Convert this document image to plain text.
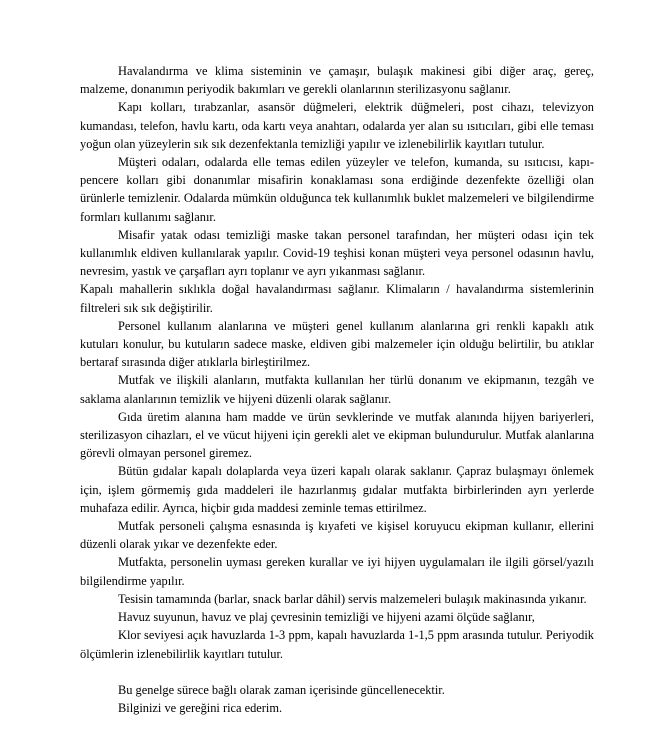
Havalandırma ve klima sisteminin ve çamaşır, bulaşık makinesi gibi diğer araç, gereç, malzeme, donanımın periyodik bakımları ve gerekli olanlarının sterilizasyonu sağlanır.

Kapı kolları, tırabzanlar, asansör düğmeleri, elektrik düğmeleri, post cihazı, televizyon kumandası, telefon, havlu kartı, oda kartı veya anahtarı, odalarda yer alan su ısıtıcıları, gibi elle teması yoğun olan yüzeylerin sık sık dezenfektanla temizliği yapılır ve izlenebilirlik kayıtları tutulur.

Müşteri odaları, odalarda elle temas edilen yüzeyler ve telefon, kumanda, su ısıtıcısı, kapı-pencere kolları gibi donanımlar misafirin konaklaması sona erdiğinde dezenfekte özelliği olan ürünlerle temizlenir. Odalarda mümkün olduğunca tek kullanımlık buklet malzemeleri ve bilgilendirme formları kullanımı sağlanır.

Misafir yatak odası temizliği maske takan personel tarafından, her müşteri odası için tek kullanımlık eldiven kullanılarak yapılır. Covid-19 teşhisi konan müşteri veya personel odasının havlu, nevresim, yastık ve çarşafları ayrı toplanır ve ayrı yıkanması sağlanır.

Kapalı mahallerin sıklıkla doğal havalandırması sağlanır. Klimaların / havalandırma sistemlerinin filtreleri sık sık değiştirilir.

Personel kullanım alanlarına ve müşteri genel kullanım alanlarına gri renkli kapaklı atık kutuları konulur, bu kutuların sadece maske, eldiven gibi malzemeler için olduğu belirtilir, bu atıklar bertaraf sırasında diğer atıklarla birleştirilmez.

Mutfak ve ilişkili alanların, mutfakta kullanılan her türlü donanım ve ekipmanın, tezgâh ve saklama alanlarının temizlik ve hijyeni düzenli olarak sağlanır.

Gıda üretim alanına ham madde ve ürün sevklerinde ve mutfak alanında hijyen bariyerleri, sterilizasyon cihazları, el ve vücut hijyeni için gerekli alet ve ekipman bulundurulur. Mutfak alanlarına görevli olmayan personel giremez.

Bütün gıdalar kapalı dolaplarda veya üzeri kapalı olarak saklanır. Çapraz bulaşmayı önlemek için, işlem görmemiş gıda maddeleri ile hazırlanmış gıdalar mutfakta birbirlerinden ayrı yerlerde muhafaza edilir. Ayrıca, hiçbir gıda maddesi zeminle temas ettirilmez.

Mutfak personeli çalışma esnasında iş kıyafeti ve kişisel koruyucu ekipman kullanır, ellerini düzenli olarak yıkar ve dezenfekte eder.

Mutfakta, personelin uyması gereken kurallar ve iyi hijyen uygulamaları ile ilgili görsel/yazılı bilgilendirme yapılır.

Tesisin tamamında (barlar, snack barlar dâhil) servis malzemeleri bulaşık makinasında yıkanır.

Havuz suyunun, havuz ve plaj çevresinin temizliği ve hijyeni azami ölçüde sağlanır,

Klor seviyesi açık havuzlarda 1-3 ppm, kapalı havuzlarda 1-1,5 ppm arasında tutulur. Periyodik ölçümlerin izlenebilirlik kayıtları tutulur.

Bu genelge sürece bağlı olarak zaman içerisinde güncellenecektir.

Bilginizi ve gereğini rica ederim.
